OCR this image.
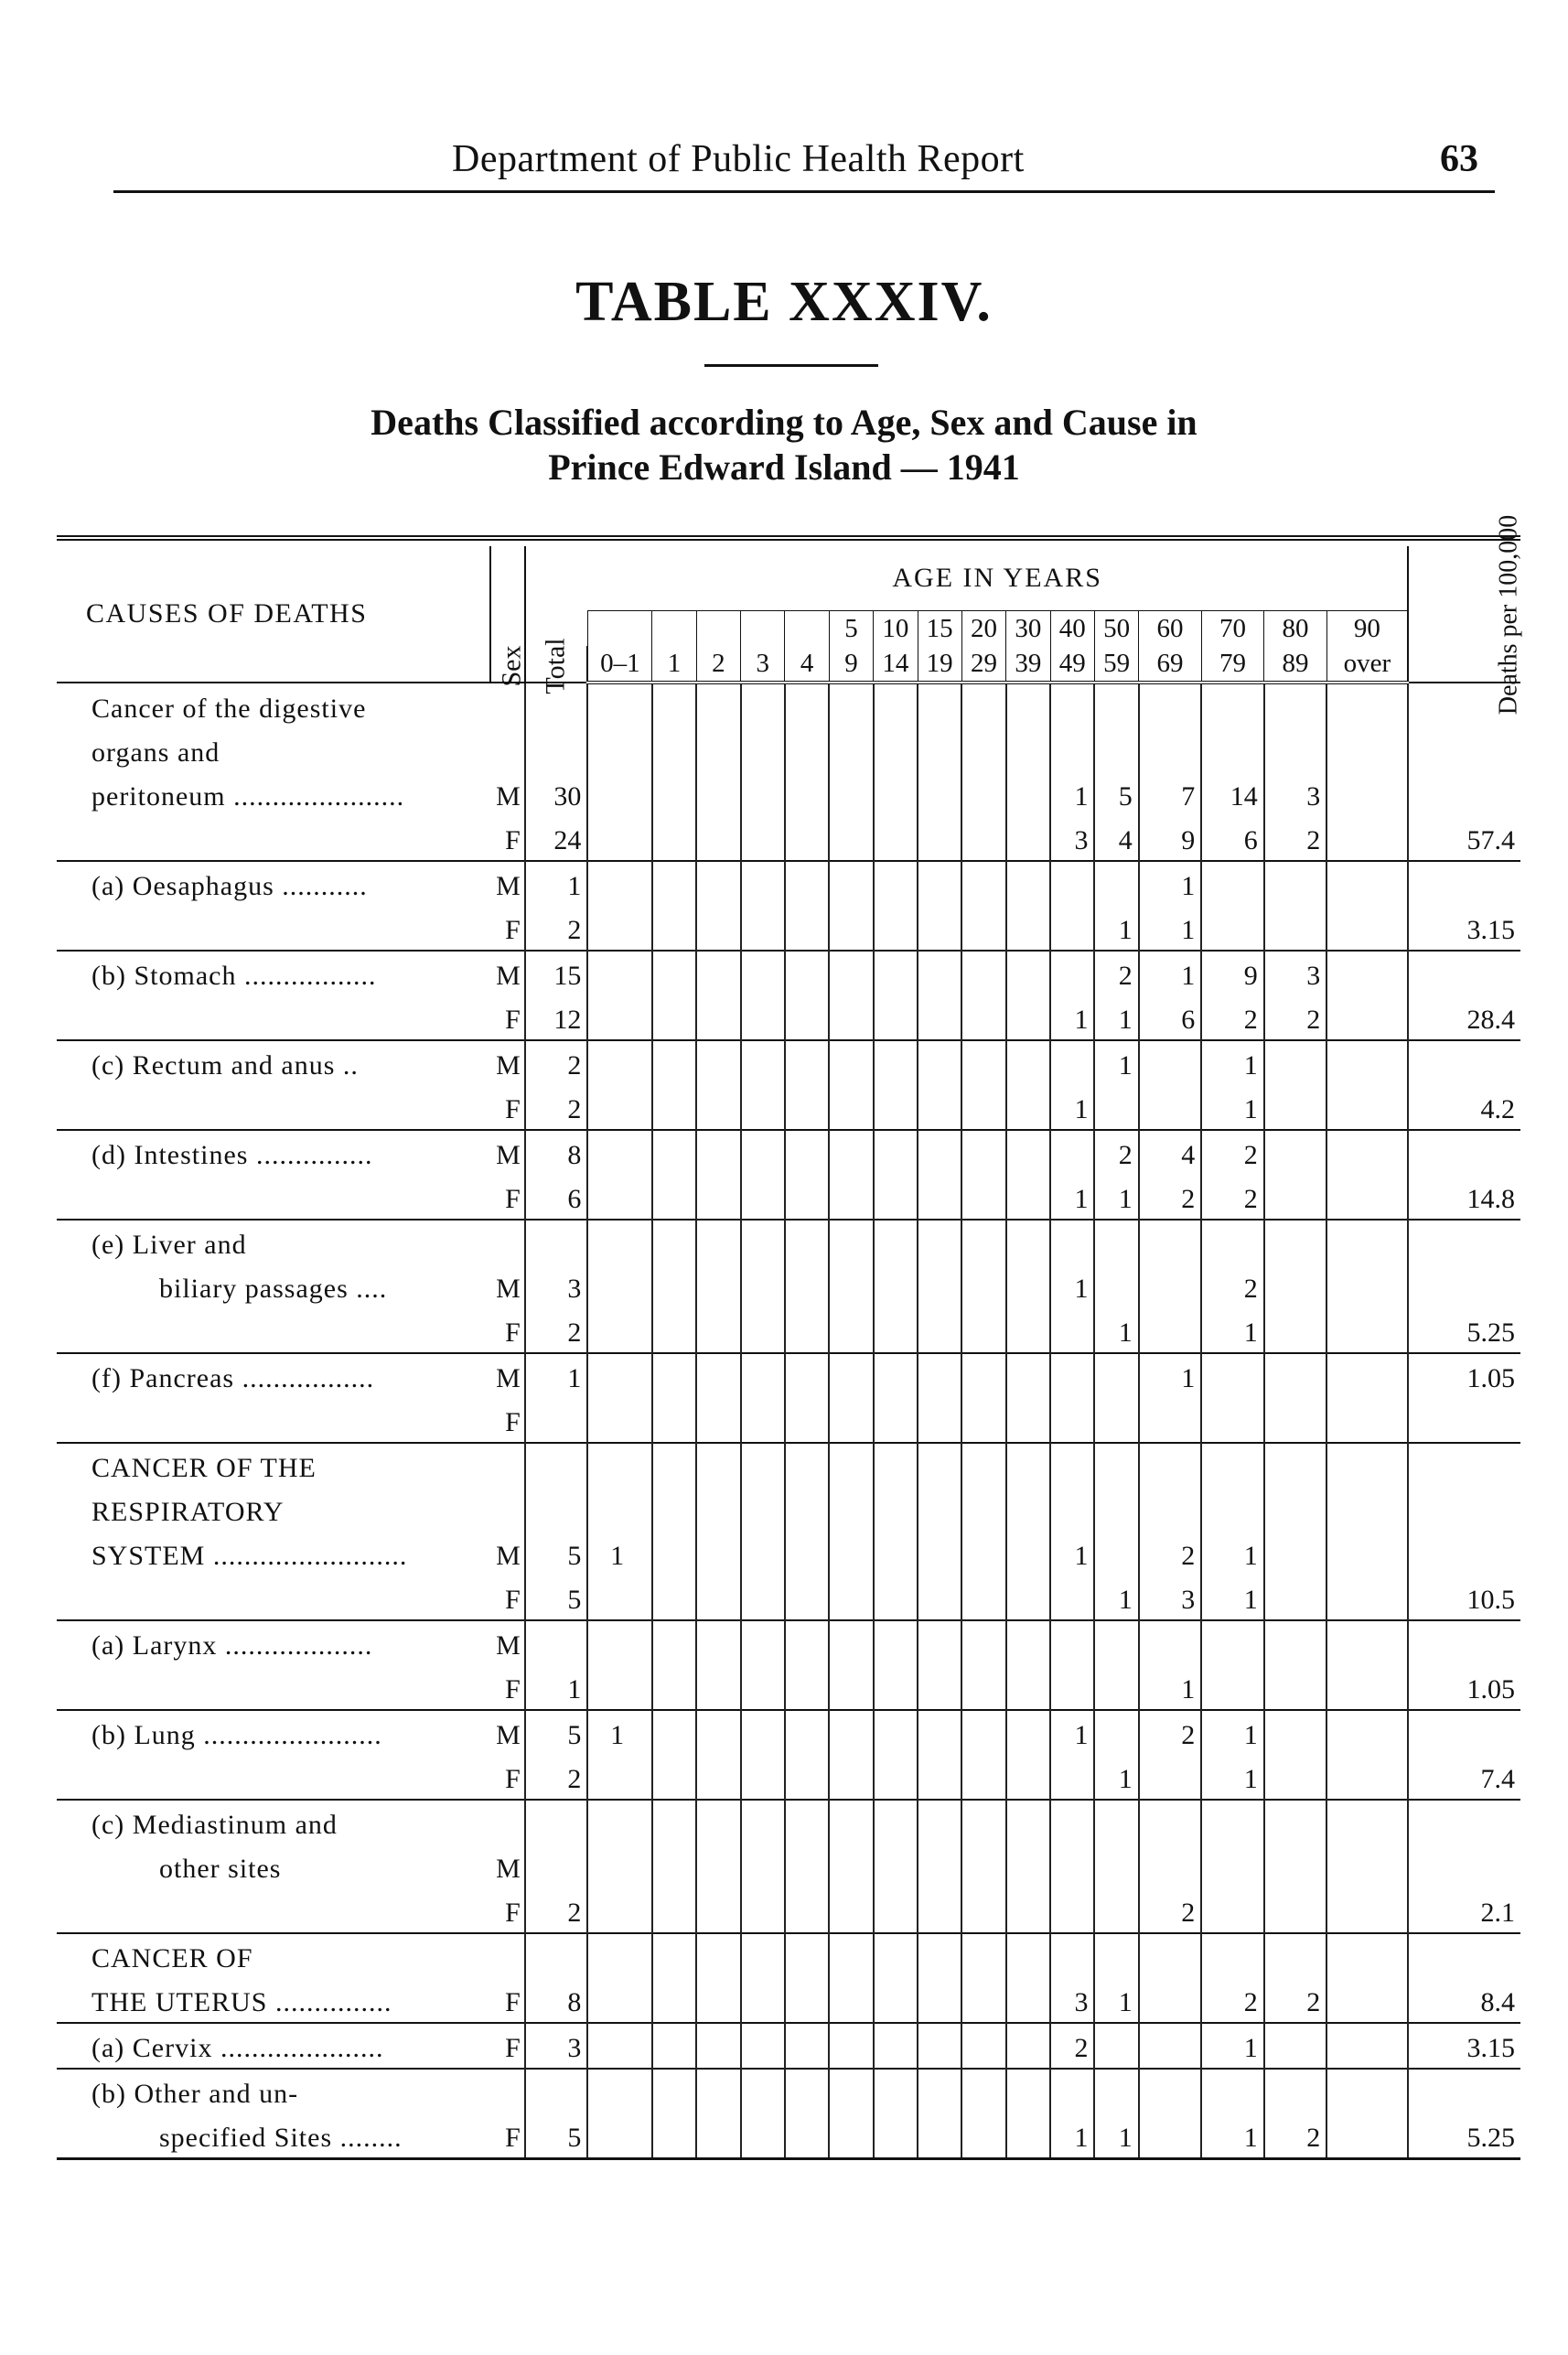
Department of Public Health Report	63
TABLE XXXIV.
Deaths Classified according to Age, Sex and Cause in
Prince Edward Island — 1941

CAUSES OF DEATHS	Sex	Total	AGE IN YEARS																Deaths per 100,000
								5	10	15	20	30	40	50	60	70	80	90	
			0–1	1	2	3	4	9	14	19	29	39	49	59	69	79	89	over	
Cancer of the digestive																			
organs and																			
peritoneum ......................	M	30											1	5	7	14	3		
	F	24											3	4	9	6	2		57.4
(a) Oesaphagus ...........	M	1													1				
	F	2												1	1				3.15
(b) Stomach .................	M	15												2	1	9	3		
	F	12											1	1	6	2	2		28.4
(c) Rectum and anus ..	M	2												1		1			
	F	2											1			1			4.2
(d) Intestines ...............	M	8												2	4	2			
	F	6											1	1	2	2			14.8
(e) Liver and																			
biliary passages ....	M	3											1			2			
	F	2												1		1			5.25
(f) Pancreas .................	M	1													1				1.05
	F																		
CANCER OF THE																			
RESPIRATORY																			
SYSTEM .........................	M	5	1										1		2	1			
	F	5												1	3	1			10.5
(a) Larynx ...................	M																		
	F	1													1				1.05
(b) Lung .......................	M	5	1										1		2	1			
	F	2												1		1			7.4
(c) Mediastinum and																			
other sites	M																		
	F	2													2				2.1
CANCER OF																			
THE UTERUS ...............	F	8											3	1		2	2		8.4
(a) Cervix .....................	F	3											2			1			3.15
(b) Other and un-																			
specified Sites ........	F	5											1	1		1	2		5.25
